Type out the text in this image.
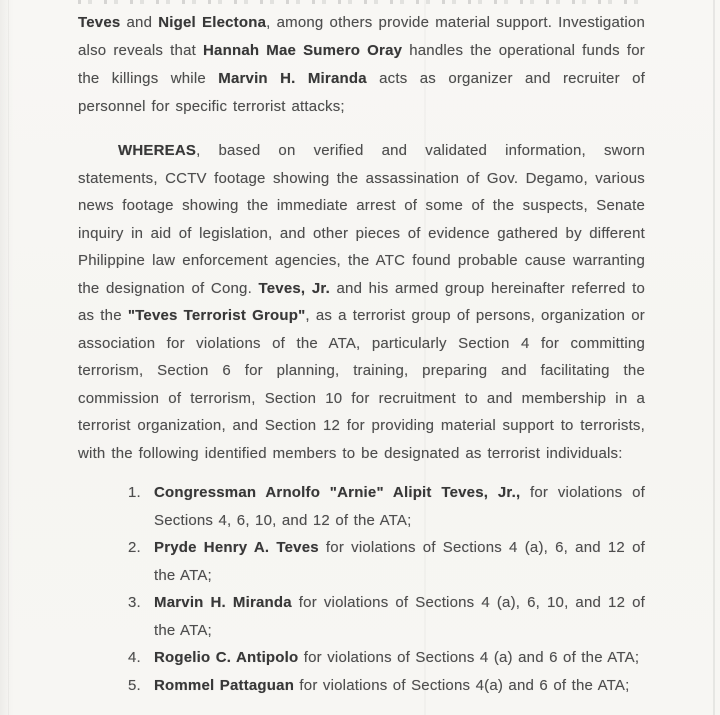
Teves and Nigel Electona, among others provide material support. Investigation also reveals that Hannah Mae Sumero Oray handles the operational funds for the killings while Marvin H. Miranda acts as organizer and recruiter of personnel for specific terrorist attacks;

WHEREAS, based on verified and validated information, sworn statements, CCTV footage showing the assassination of Gov. Degamo, various news footage showing the immediate arrest of some of the suspects, Senate inquiry in aid of legislation, and other pieces of evidence gathered by different Philippine law enforcement agencies, the ATC found probable cause warranting the designation of Cong. Teves, Jr. and his armed group hereinafter referred to as the "Teves Terrorist Group", as a terrorist group of persons, organization or association for violations of the ATA, particularly Section 4 for committing terrorism, Section 6 for planning, training, preparing and facilitating the commission of terrorism, Section 10 for recruitment to and membership in a terrorist organization, and Section 12 for providing material support to terrorists, with the following identified members to be designated as terrorist individuals:

1. Congressman Arnolfo "Arnie" Alipit Teves, Jr., for violations of Sections 4, 6, 10, and 12 of the ATA;
2. Pryde Henry A. Teves for violations of Sections 4 (a), 6, and 12 of the ATA;
3. Marvin H. Miranda for violations of Sections 4 (a), 6, 10, and 12 of the ATA;
4. Rogelio C. Antipolo for violations of Sections 4 (a) and 6 of the ATA;
5. Rommel Pattaguan for violations of Sections 4(a) and 6 of the ATA;
